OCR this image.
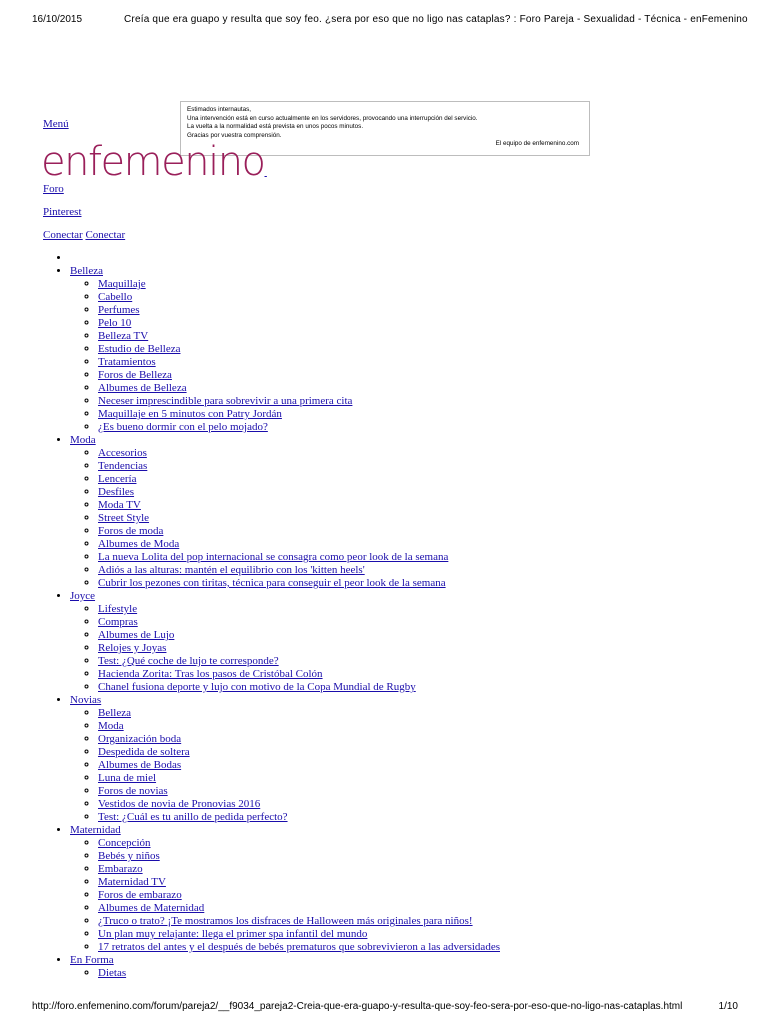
16/10/2015	Creía que era guapo y resulta que soy feo. ¿sera por eso que no ligo nas cataplas? : Foro Pareja - Sexualidad - Técnica - enFemenino
Estimados internautas,
Una intervención está en curso actualmente en los servidores, provocando una interrupción del servicio.
La vuelta a la normalidad está prevista en unos pocos minutos.
Gracias por vuestra comprensión.
El equipo de enfemenino.com
Menú
enfemenino
Foro
Pinterest
Conectar Conectar
•
• Belleza
◦ Maquillaje
◦ Cabello
◦ Perfumes
◦ Pelo 10
◦ Belleza TV
◦ Estudio de Belleza
◦ Tratamientos
◦ Foros de Belleza
◦ Albumes de Belleza
◦ Neceser imprescindible para sobrevivir a una primera cita
◦ Maquillaje en 5 minutos con Patry Jordán
◦ ¿Es bueno dormir con el pelo mojado?
• Moda
◦ Accesorios
◦ Tendencias
◦ Lencería
◦ Desfiles
◦ Moda TV
◦ Street Style
◦ Foros de moda
◦ Albumes de Moda
◦ La nueva Lolita del pop internacional se consagra como peor look de la semana
◦ Adiós a las alturas: mantén el equilibrio con los 'kitten heels'
◦ Cubrir los pezones con tiritas, técnica para conseguir el peor look de la semana
• Joyce
◦ Lifestyle
◦ Compras
◦ Albumes de Lujo
◦ Relojes y Joyas
◦ Test: ¿Qué coche de lujo te corresponde?
◦ Hacienda Zorita: Tras los pasos de Cristóbal Colón
◦ Chanel fusiona deporte y lujo con motivo de la Copa Mundial de Rugby
• Novias
◦ Belleza
◦ Moda
◦ Organización boda
◦ Despedida de soltera
◦ Albumes de Bodas
◦ Luna de miel
◦ Foros de novias
◦ Vestidos de novia de Pronovias 2016
◦ Test: ¿Cuál es tu anillo de pedida perfecto?
• Maternidad
◦ Concepción
◦ Bebés y niños
◦ Embarazo
◦ Maternidad TV
◦ Foros de embarazo
◦ Albumes de Maternidad
◦ ¿Truco o trato? ¡Te mostramos los disfraces de Halloween más originales para niños!
◦ Un plan muy relajante: llega el primer spa infantil del mundo
◦ 17 retratos del antes y el después de bebés prematuros que sobrevivieron a las adversidades
• En Forma
◦ Dietas
http://foro.enfemenino.com/forum/pareja2/__f9034_pareja2-Creia-que-era-guapo-y-resulta-que-soy-feo-sera-por-eso-que-no-ligo-nas-cataplas.html	1/10
